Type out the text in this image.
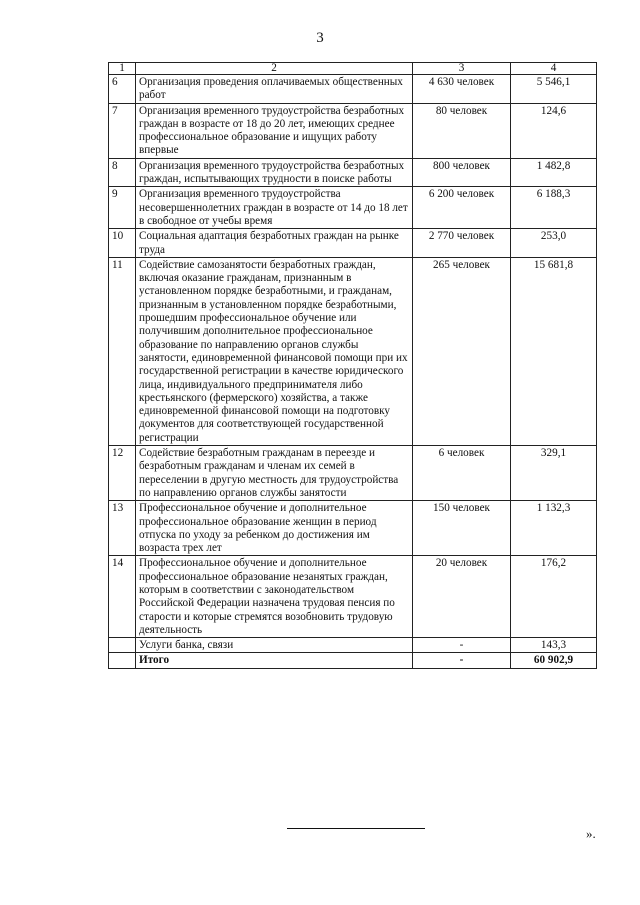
3
1	2	3	4
6	Организация проведения оплачиваемых общественных работ	4 630 человек	5 546,1
7	Организация временного трудоустройства безработных граждан в возрасте от 18 до 20 лет, имеющих среднее профессиональное образование и ищущих работу впервые	80 человек	124,6
8	Организация временного трудоустройства безработных граждан, испытывающих трудности в поиске работы	800 человек	1 482,8
9	Организация временного трудоустройства несовершеннолетних граждан в возрасте от 14 до 18 лет в свободное от учебы время	6 200 человек	6 188,3
10	Социальная адаптация безработных граждан на рынке труда	2 770 человек	253,0
11	Содействие самозанятости безработных граждан, включая оказание гражданам, признанным в установленном порядке безработными, и гражданам, признанным в установленном порядке безработными, прошедшим профессиональное обучение или получившим дополнительное профессиональное образование по направлению органов службы занятости, единовременной финансовой помощи при их государственной регистрации в качестве юридического лица, индивидуального предпринимателя либо крестьянского (фермерского) хозяйства, а также единовременной финансовой помощи на подготовку документов для соответствующей государственной регистрации	265 человек	15 681,8
12	Содействие безработным гражданам в переезде и безработным гражданам и членам их семей в переселении в другую местность для трудоустройства по направлению органов службы занятости	6 человек	329,1
13	Профессиональное обучение и дополнительное профессиональное образование женщин в период отпуска по уходу за ребенком до достижения им возраста трех лет	150 человек	1 132,3
14	Профессиональное обучение и дополнительное профессиональное образование незанятых граждан, которым в соответствии с законодательством Российской Федерации назначена трудовая пенсия по старости и которые стремятся возобновить трудовую деятельность	20 человек	176,2
	Услуги банка, связи	-	143,3
	Итого	-	60 902,9
».
